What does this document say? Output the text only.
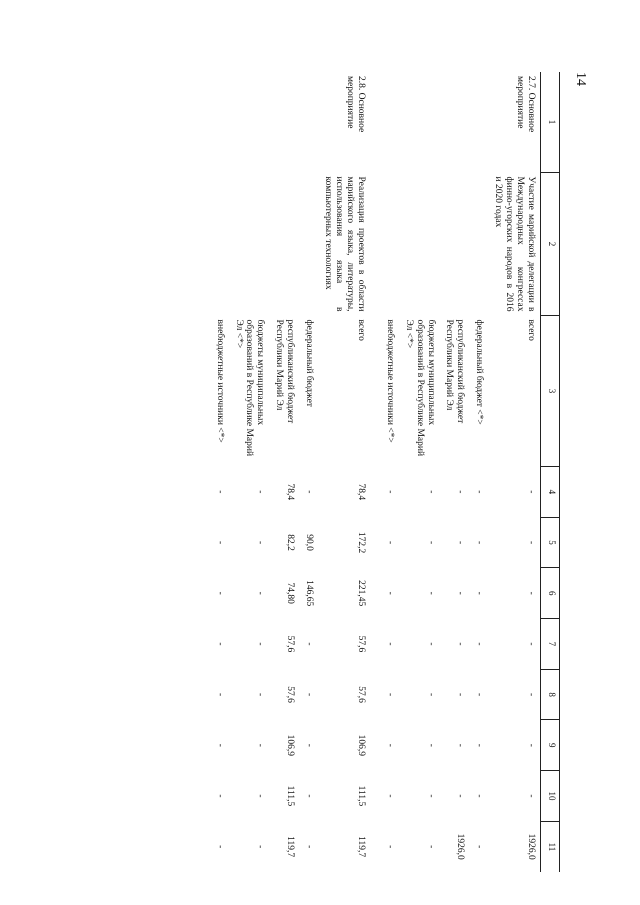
14
1	2	3	4	5	6	7	8	9	10	11
2.7. Основное мероприятие	Участие марийской делегации в Международных конгрессах финно-угорских народов в 2016 и 2020 годах	всего	-	-	-	-	-	-	-	1926,0
		федеральный бюджет <*>	-	-	-	-	-	-	-	-
		республиканский бюджет Республики Марий Эл	-	-	-	-	-	-	-	1926,0
		бюджеты муниципальных образований в Республике Марий Эл <*>	-	-	-	-	-	-	-	-
		внебюджетные источники <*>	-	-	-	-	-	-	-	-
2.8. Основное мероприятие	Реализация проектов в области марийского языка, литературы, использования языка в компьютерных технологиях	всего	78,4	172,2	221,45	57,6	57,6	106,9	111,5	119,7
		федеральный бюджет	-	90,0	146,65	-	-	-	-	-
		республиканский бюджет Республики Марий Эл	78,4	82,2	74,80	57,6	57,6	106,9	111,5	119,7
		бюджеты муниципальных образований в Республике Марий Эл <*>	-	-	-	-	-	-	-	-
		внебюджетные источники <*>	-	-	-	-	-	-	-	-
